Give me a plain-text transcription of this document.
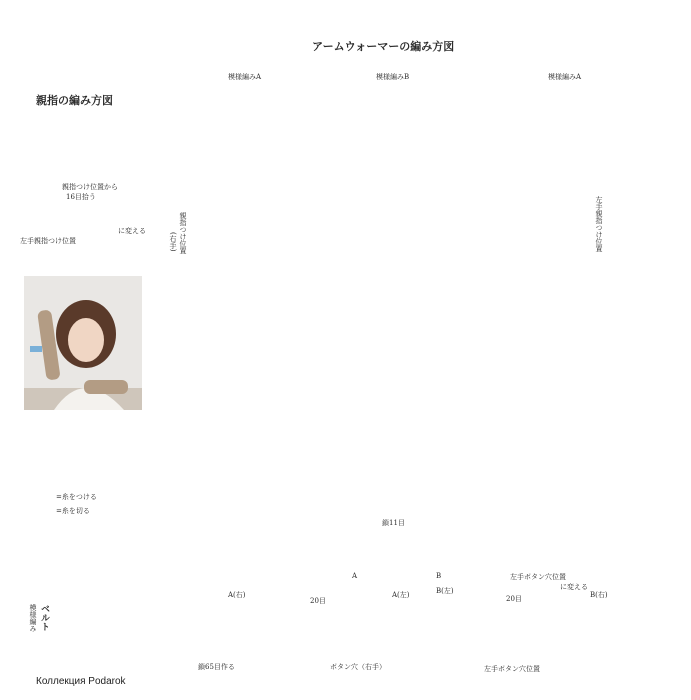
アームウォーマーの編み方図
親指の編み方図
模様編みA	模様編みB	模様編みA
親指つけ位置から
16目拾う
左手親指つけ位置
に変える	親指つけ位置
(右手)	左手親指つけ位置
=糸をつける
=糸を切る
鎖11目
A	B
A(右)	A(左)	B(左)	B(右)
20目	20目
左手ボタン穴位置
に変える
鎖65目作る	ボタン穴（右手）	左手ボタン穴位置
ベルト
模様編み
Коллекция Podarok
